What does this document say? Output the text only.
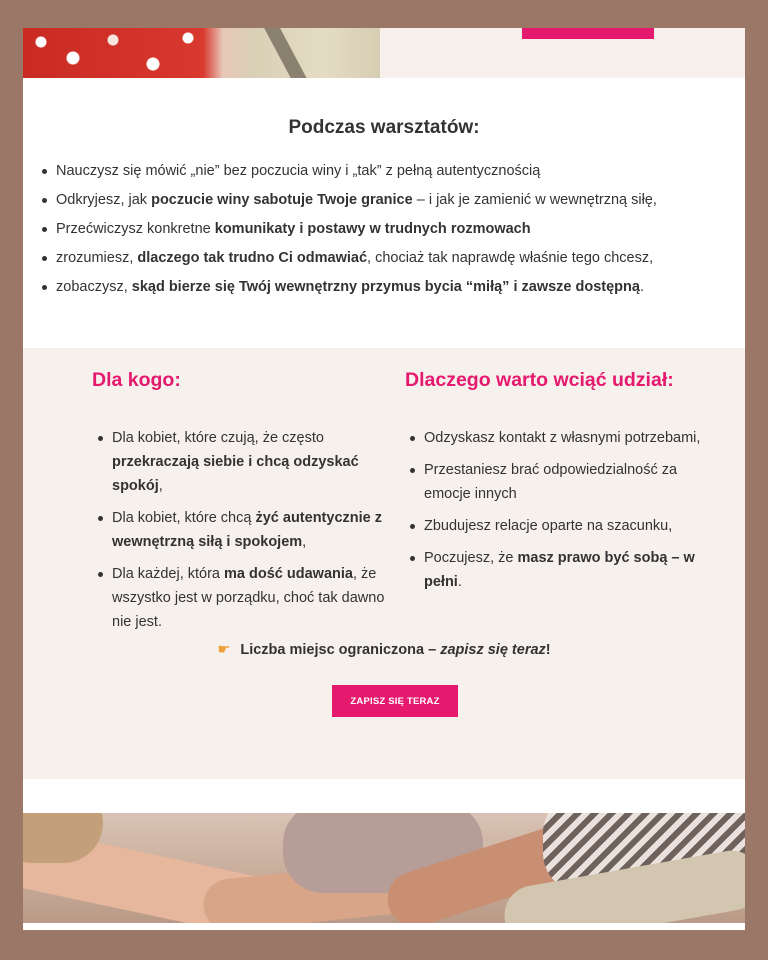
Podczas warsztatów:
Nauczysz się mówić „nie” bez poczucia winy i „tak” z pełną autentycznością
Odkryjesz, jak poczucie winy sabotuje Twoje granice – i jak je zamienić w wewnętrzną siłę,
Przećwiczysz konkretne komunikaty i postawy w trudnych rozmowach
zrozumiesz, dlaczego tak trudno Ci odmawiać, chociaż tak naprawdę właśnie tego chcesz,
zobaczysz, skąd bierze się Twój wewnętrzny przymus bycia “miłą” i zawsze dostępną.
Dla kogo:	Dlaczego warto wciąć udział:
Dla kobiet, które czują, że często przekraczają siebie i chcą odzyskać spokój,
Dla kobiet, które chcą żyć autentycznie z wewnętrzną siłą i spokojem,
Dla każdej, która ma dość udawania, że wszystko jest w porządku, choć tak dawno nie jest.
Odzyskasz kontakt z własnymi potrzebami,
Przestaniesz brać odpowiedzialność za emocje innych
Zbudujesz relacje oparte na szacunku,
Poczujesz, że masz prawo być sobą – w pełni.
☛ Liczba miejsc ograniczona – zapisz się teraz!
ZAPISZ SIĘ TERAZ
